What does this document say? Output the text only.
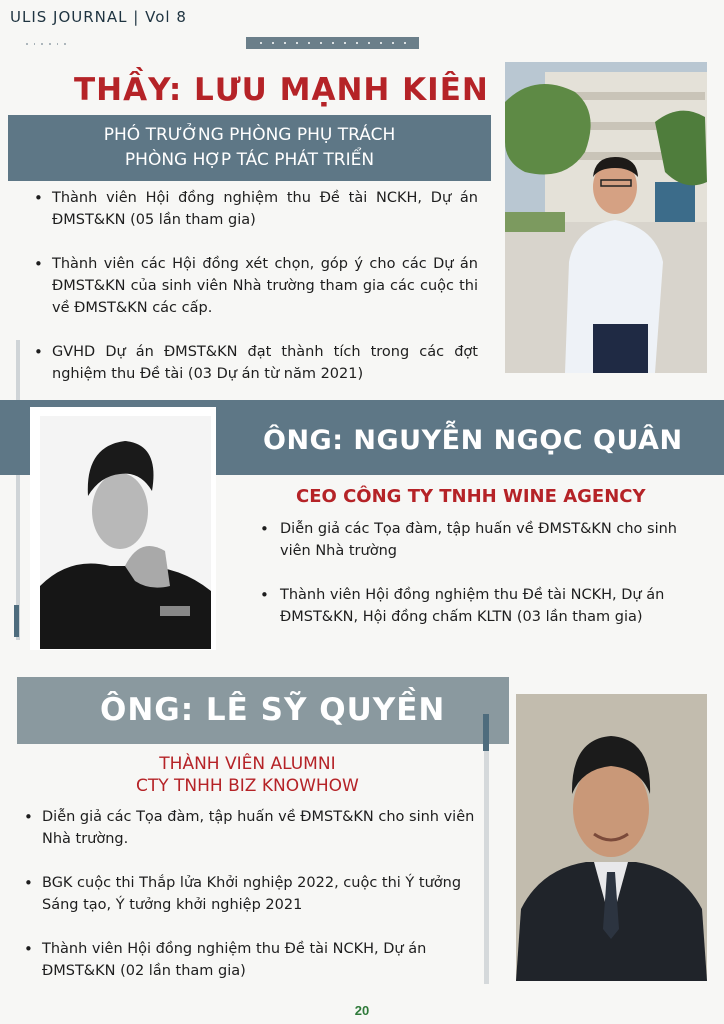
ULIS JOURNAL | Vol 8
THẦY: LƯU MẠNH KIÊN
PHÓ TRƯỞNG PHÒNG PHỤ TRÁCH
PHÒNG HỢP TÁC PHÁT TRIỂN
• Thành viên Hội đồng nghiệm thu Đề tài NCKH, Dự án ĐMST&KN (05 lần tham gia)
• Thành viên các Hội đồng xét chọn, góp ý cho các Dự án ĐMST&KN của sinh viên Nhà trường tham gia các cuộc thi về ĐMST&KN các cấp.
• GVHD Dự án ĐMST&KN đạt thành tích trong các đợt nghiệm thu Đề tài (03 Dự án từ năm 2021)
ÔNG: NGUYỄN NGỌC QUÂN
CEO CÔNG TY TNHH WINE AGENCY
• Diễn giả các Tọa đàm, tập huấn về ĐMST&KN cho sinh viên Nhà trường
• Thành viên Hội đồng nghiệm thu Đề tài NCKH, Dự án ĐMST&KN, Hội đồng chấm KLTN (03 lần tham gia)
ÔNG: LÊ SỸ QUYỀN
THÀNH VIÊN ALUMNI
CTY TNHH BIZ KNOWHOW
• Diễn giả các Tọa đàm, tập huấn về ĐMST&KN cho sinh viên Nhà trường.
• BGK cuộc thi Thắp lửa Khởi nghiệp 2022, cuộc thi Ý tưởng Sáng tạo, Ý tưởng khởi nghiệp 2021
• Thành viên Hội đồng nghiệm thu Đề tài NCKH, Dự án ĐMST&KN (02 lần tham gia)
20
